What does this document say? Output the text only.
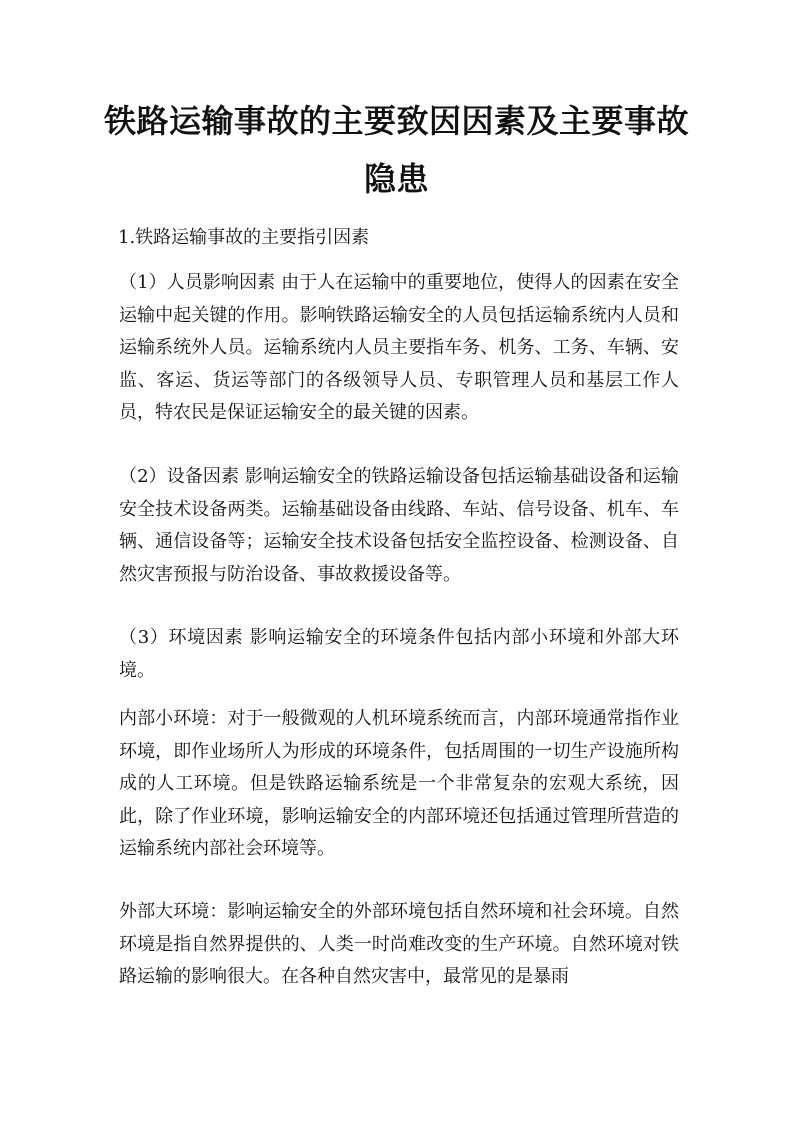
铁路运输事故的主要致因因素及主要事故隐患
1.铁路运输事故的主要指引因素
（1）人员影响因素 由于人在运输中的重要地位，使得人的因素在安全运输中起关键的作用。影响铁路运输安全的人员包括运输系统内人员和运输系统外人员。运输系统内人员主要指车务、机务、工务、车辆、安监、客运、货运等部门的各级领导人员、专职管理人员和基层工作人员，特农民是保证运输安全的最关键的因素。
（2）设备因素 影响运输安全的铁路运输设备包括运输基础设备和运输安全技术设备两类。运输基础设备由线路、车站、信号设备、机车、车辆、通信设备等；运输安全技术设备包括安全监控设备、检测设备、自然灾害预报与防治设备、事故救援设备等。
（3）环境因素 影响运输安全的环境条件包括内部小环境和外部大环境。
内部小环境：对于一般微观的人机环境系统而言，内部环境通常指作业环境，即作业场所人为形成的环境条件，包括周围的一切生产设施所构成的人工环境。但是铁路运输系统是一个非常复杂的宏观大系统，因此，除了作业环境，影响运输安全的内部环境还包括通过管理所营造的运输系统内部社会环境等。
外部大环境：影响运输安全的外部环境包括自然环境和社会环境。自然环境是指自然界提供的、人类一时尚难改变的生产环境。自然环境对铁路运输的影响很大。在各种自然灾害中，最常见的是暴雨
